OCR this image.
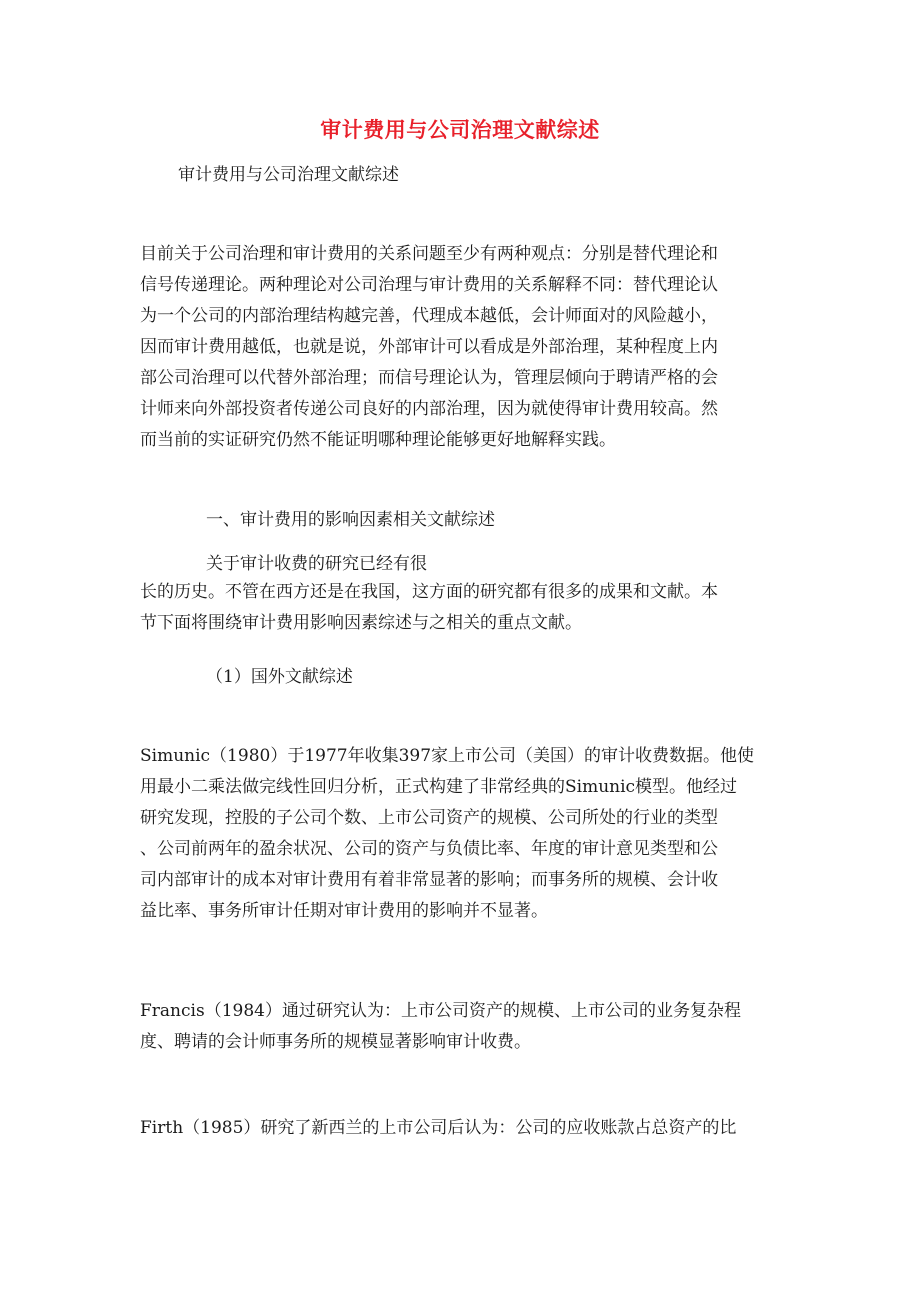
审计费用与公司治理文献综述

审计费用与公司治理文献综述

目前关于公司治理和审计费用的关系问题至少有两种观点：分别是替代理论和
信号传递理论。两种理论对公司治理与审计费用的关系解释不同：替代理论认
为一个公司的内部治理结构越完善，代理成本越低，会计师面对的风险越小，
因而审计费用越低，也就是说，外部审计可以看成是外部治理，某种程度上内
部公司治理可以代替外部治理；而信号理论认为，管理层倾向于聘请严格的会
计师来向外部投资者传递公司良好的内部治理，因为就使得审计费用较高。然
而当前的实证研究仍然不能证明哪种理论能够更好地解释实践。

一、审计费用的影响因素相关文献综述

关于审计收费的研究已经有很

长的历史。不管在西方还是在我国，这方面的研究都有很多的成果和文献。本
节下面将围绕审计费用影响因素综述与之相关的重点文献。

（1）国外文献综述

Simunic（1980）于1977年收集397家上市公司（美国）的审计收费数据。他使
用最小二乘法做完线性回归分析，正式构建了非常经典的Simunic模型。他经过
研究发现，控股的子公司个数、上市公司资产的规模、公司所处的行业的类型
、公司前两年的盈余状况、公司的资产与负债比率、年度的审计意见类型和公
司内部审计的成本对审计费用有着非常显著的影响；而事务所的规模、会计收
益比率、事务所审计任期对审计费用的影响并不显著。

Francis（1984）通过研究认为：上市公司资产的规模、上市公司的业务复杂程
度、聘请的会计师事务所的规模显著影响审计收费。

Firth（1985）研究了新西兰的上市公司后认为：公司的应收账款占总资产的比
